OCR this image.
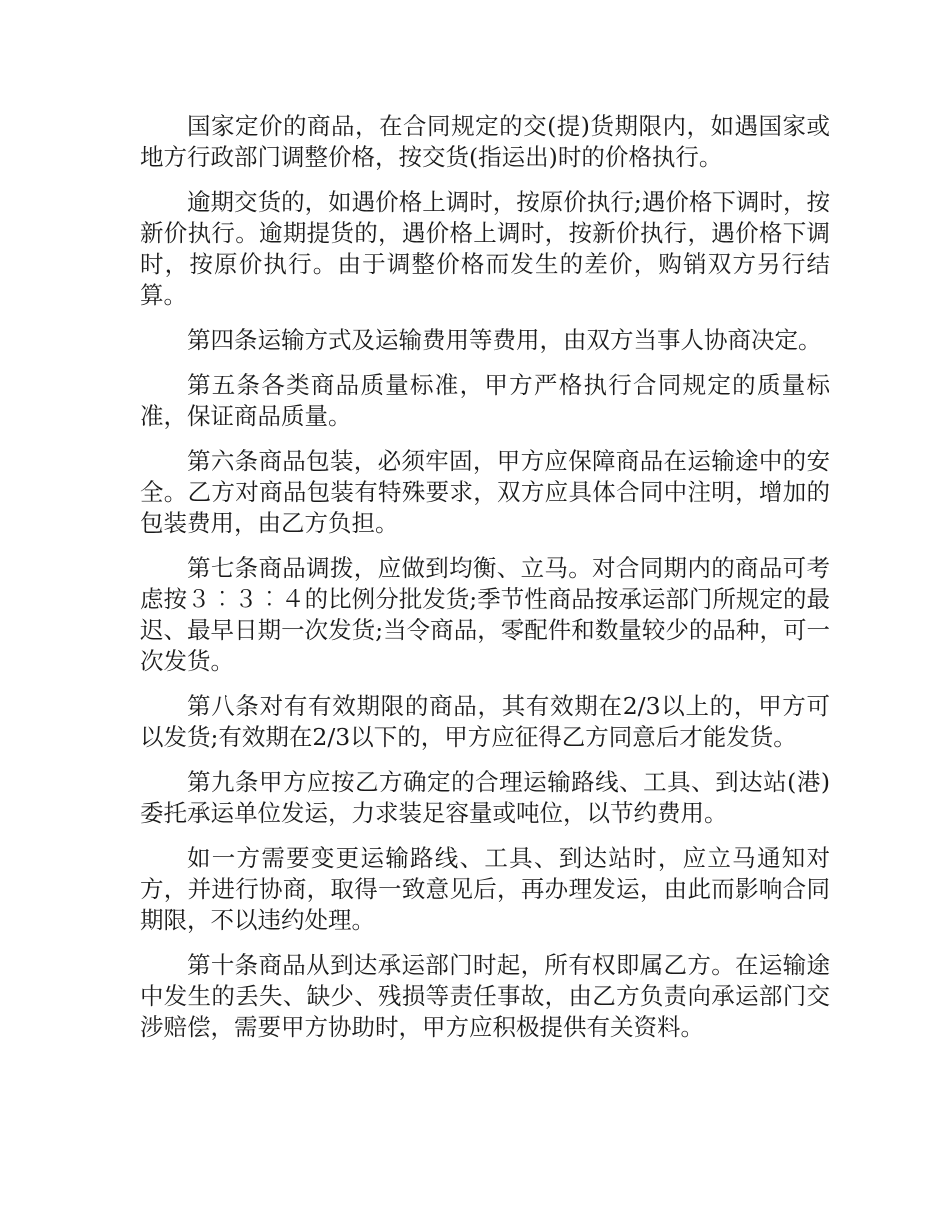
国家定价的商品，在合同规定的交(提)货期限内，如遇国家或地方行政部门调整价格，按交货(指运出)时的价格执行。

逾期交货的，如遇价格上调时，按原价执行;遇价格下调时，按新价执行。逾期提货的，遇价格上调时，按新价执行，遇价格下调时，按原价执行。由于调整价格而发生的差价，购销双方另行结算。

第四条运输方式及运输费用等费用，由双方当事人协商决定。

第五条各类商品质量标准，甲方严格执行合同规定的质量标准，保证商品质量。

第六条商品包装，必须牢固，甲方应保障商品在运输途中的安全。乙方对商品包装有特殊要求，双方应具体合同中注明，增加的包装费用，由乙方负担。

第七条商品调拨，应做到均衡、立马。对合同期内的商品可考虑按３︰３︰４的比例分批发货;季节性商品按承运部门所规定的最迟、最早日期一次发货;当令商品，零配件和数量较少的品种，可一次发货。

第八条对有有效期限的商品，其有效期在2/3以上的，甲方可以发货;有效期在2/3以下的，甲方应征得乙方同意后才能发货。

第九条甲方应按乙方确定的合理运输路线、工具、到达站(港)委托承运单位发运，力求装足容量或吨位，以节约费用。

如一方需要变更运输路线、工具、到达站时，应立马通知对方，并进行协商，取得一致意见后，再办理发运，由此而影响合同期限，不以违约处理。

第十条商品从到达承运部门时起，所有权即属乙方。在运输途中发生的丢失、缺少、残损等责任事故，由乙方负责向承运部门交涉赔偿，需要甲方协助时，甲方应积极提供有关资料。
